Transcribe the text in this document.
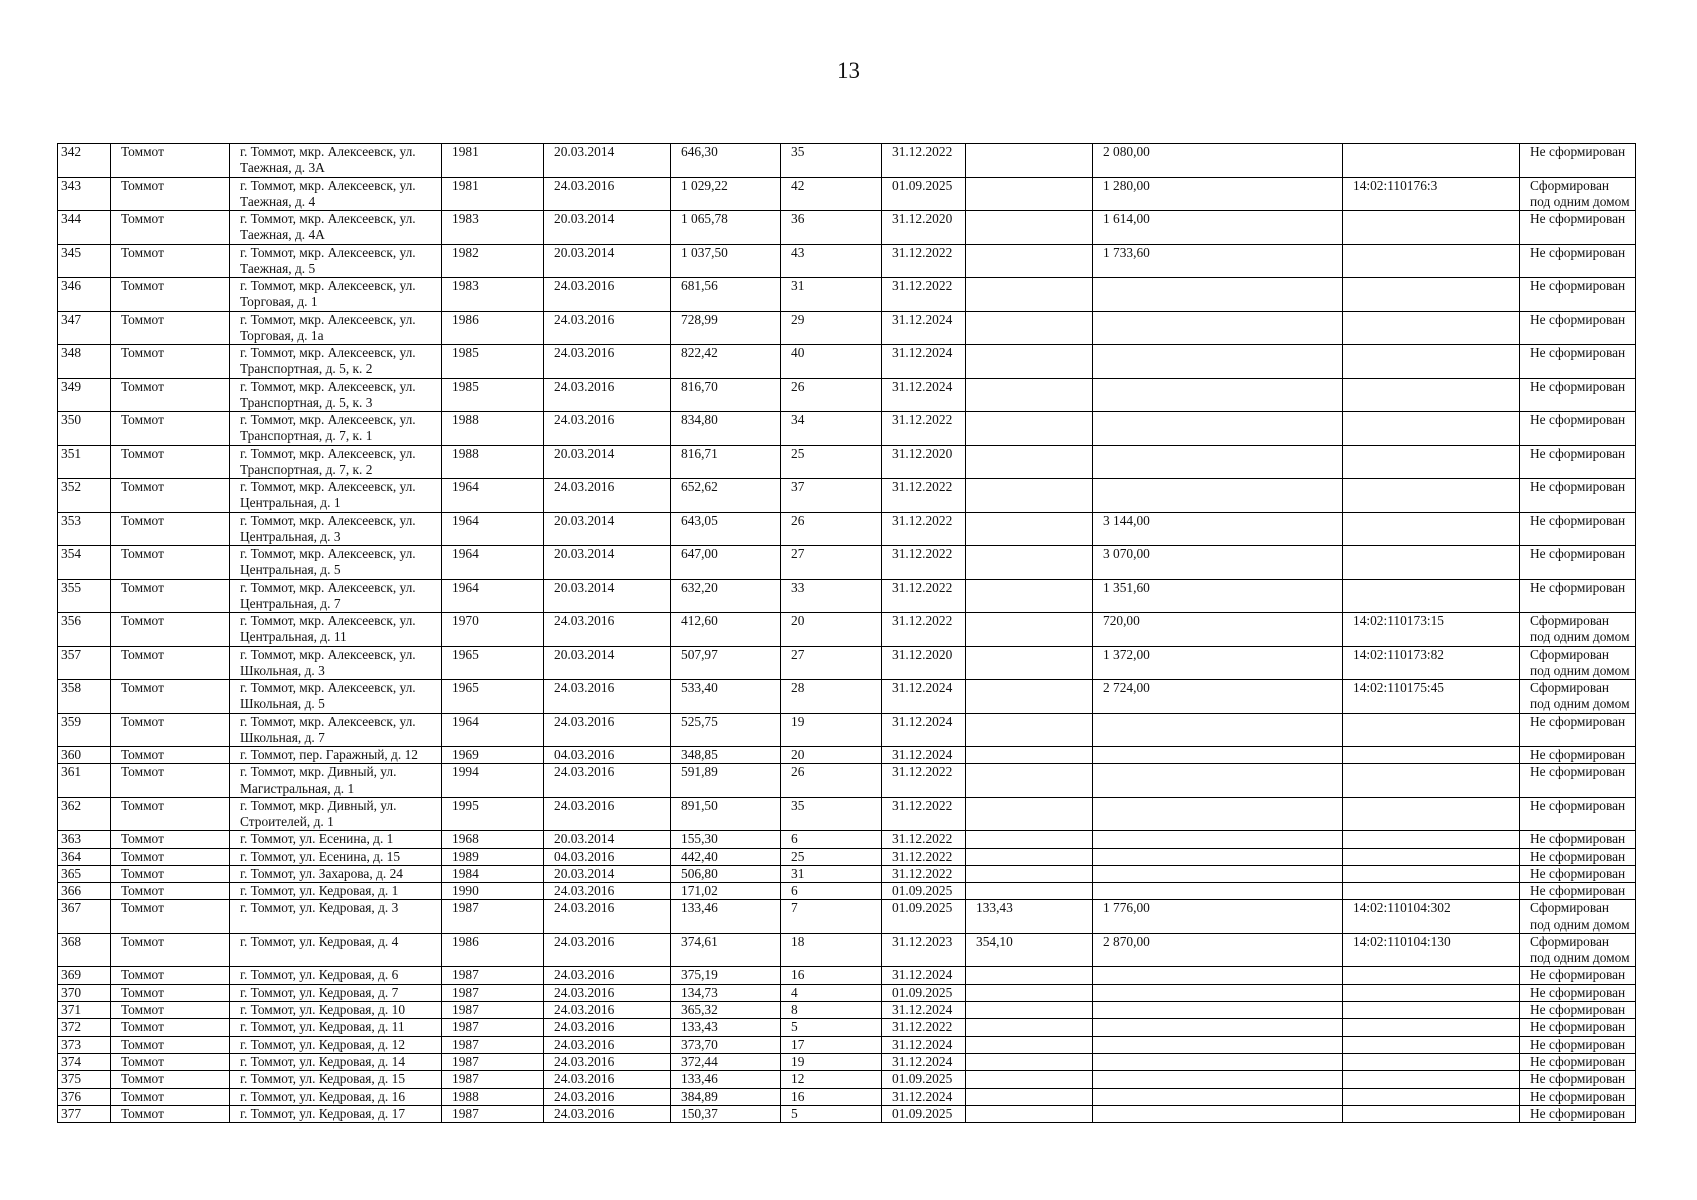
13
342	Томмот	г. Томмот, мкр. Алексеевск, ул. Таежная, д. 3А	1981	20.03.2014	646,30	35	31.12.2022		2 080,00		Не сформирован
343	Томмот	г. Томмот, мкр. Алексеевск, ул. Таежная, д. 4	1981	24.03.2016	1 029,22	42	01.09.2025		1 280,00	14:02:110176:3	Сформирован под одним домом
344	Томмот	г. Томмот, мкр. Алексеевск, ул. Таежная, д. 4А	1983	20.03.2014	1 065,78	36	31.12.2020		1 614,00		Не сформирован
345	Томмот	г. Томмот, мкр. Алексеевск, ул. Таежная, д. 5	1982	20.03.2014	1 037,50	43	31.12.2022		1 733,60		Не сформирован
346	Томмот	г. Томмот, мкр. Алексеевск, ул. Торговая, д. 1	1983	24.03.2016	681,56	31	31.12.2022				Не сформирован
347	Томмот	г. Томмот, мкр. Алексеевск, ул. Торговая, д. 1а	1986	24.03.2016	728,99	29	31.12.2024				Не сформирован
348	Томмот	г. Томмот, мкр. Алексеевск, ул. Транспортная, д. 5, к. 2	1985	24.03.2016	822,42	40	31.12.2024				Не сформирован
349	Томмот	г. Томмот, мкр. Алексеевск, ул. Транспортная, д. 5, к. 3	1985	24.03.2016	816,70	26	31.12.2024				Не сформирован
350	Томмот	г. Томмот, мкр. Алексеевск, ул. Транспортная, д. 7, к. 1	1988	24.03.2016	834,80	34	31.12.2022				Не сформирован
351	Томмот	г. Томмот, мкр. Алексеевск, ул. Транспортная, д. 7, к. 2	1988	20.03.2014	816,71	25	31.12.2020				Не сформирован
352	Томмот	г. Томмот, мкр. Алексеевск, ул. Центральная, д. 1	1964	24.03.2016	652,62	37	31.12.2022				Не сформирован
353	Томмот	г. Томмот, мкр. Алексеевск, ул. Центральная, д. 3	1964	20.03.2014	643,05	26	31.12.2022		3 144,00		Не сформирован
354	Томмот	г. Томмот, мкр. Алексеевск, ул. Центральная, д. 5	1964	20.03.2014	647,00	27	31.12.2022		3 070,00		Не сформирован
355	Томмот	г. Томмот, мкр. Алексеевск, ул. Центральная, д. 7	1964	20.03.2014	632,20	33	31.12.2022		1 351,60		Не сформирован
356	Томмот	г. Томмот, мкр. Алексеевск, ул. Центральная, д. 11	1970	24.03.2016	412,60	20	31.12.2022		720,00	14:02:110173:15	Сформирован под одним домом
357	Томмот	г. Томмот, мкр. Алексеевск, ул. Школьная, д. 3	1965	20.03.2014	507,97	27	31.12.2020		1 372,00	14:02:110173:82	Сформирован под одним домом
358	Томмот	г. Томмот, мкр. Алексеевск, ул. Школьная, д. 5	1965	24.03.2016	533,40	28	31.12.2024		2 724,00	14:02:110175:45	Сформирован под одним домом
359	Томмот	г. Томмот, мкр. Алексеевск, ул. Школьная, д. 7	1964	24.03.2016	525,75	19	31.12.2024				Не сформирован
360	Томмот	г. Томмот, пер. Гаражный, д. 12	1969	04.03.2016	348,85	20	31.12.2024				Не сформирован
361	Томмот	г. Томмот, мкр. Дивный, ул. Магистральная, д. 1	1994	24.03.2016	591,89	26	31.12.2022				Не сформирован
362	Томмот	г. Томмот, мкр. Дивный, ул. Строителей, д. 1	1995	24.03.2016	891,50	35	31.12.2022				Не сформирован
363	Томмот	г. Томмот, ул. Есенина, д. 1	1968	20.03.2014	155,30	6	31.12.2022				Не сформирован
364	Томмот	г. Томмот, ул. Есенина, д. 15	1989	04.03.2016	442,40	25	31.12.2022				Не сформирован
365	Томмот	г. Томмот, ул. Захарова, д. 24	1984	20.03.2014	506,80	31	31.12.2022				Не сформирован
366	Томмот	г. Томмот, ул. Кедровая, д. 1	1990	24.03.2016	171,02	6	01.09.2025				Не сформирован
367	Томмот	г. Томмот, ул. Кедровая, д. 3	1987	24.03.2016	133,46	7	01.09.2025	133,43	1 776,00	14:02:110104:302	Сформирован под одним домом
368	Томмот	г. Томмот, ул. Кедровая, д. 4	1986	24.03.2016	374,61	18	31.12.2023	354,10	2 870,00	14:02:110104:130	Сформирован под одним домом
369	Томмот	г. Томмот, ул. Кедровая, д. 6	1987	24.03.2016	375,19	16	31.12.2024				Не сформирован
370	Томмот	г. Томмот, ул. Кедровая, д. 7	1987	24.03.2016	134,73	4	01.09.2025				Не сформирован
371	Томмот	г. Томмот, ул. Кедровая, д. 10	1987	24.03.2016	365,32	8	31.12.2024				Не сформирован
372	Томмот	г. Томмот, ул. Кедровая, д. 11	1987	24.03.2016	133,43	5	31.12.2022				Не сформирован
373	Томмот	г. Томмот, ул. Кедровая, д. 12	1987	24.03.2016	373,70	17	31.12.2024				Не сформирован
374	Томмот	г. Томмот, ул. Кедровая, д. 14	1987	24.03.2016	372,44	19	31.12.2024				Не сформирован
375	Томмот	г. Томмот, ул. Кедровая, д. 15	1987	24.03.2016	133,46	12	01.09.2025				Не сформирован
376	Томмот	г. Томмот, ул. Кедровая, д. 16	1988	24.03.2016	384,89	16	31.12.2024				Не сформирован
377	Томмот	г. Томмот, ул. Кедровая, д. 17	1987	24.03.2016	150,37	5	01.09.2025				Не сформирован
